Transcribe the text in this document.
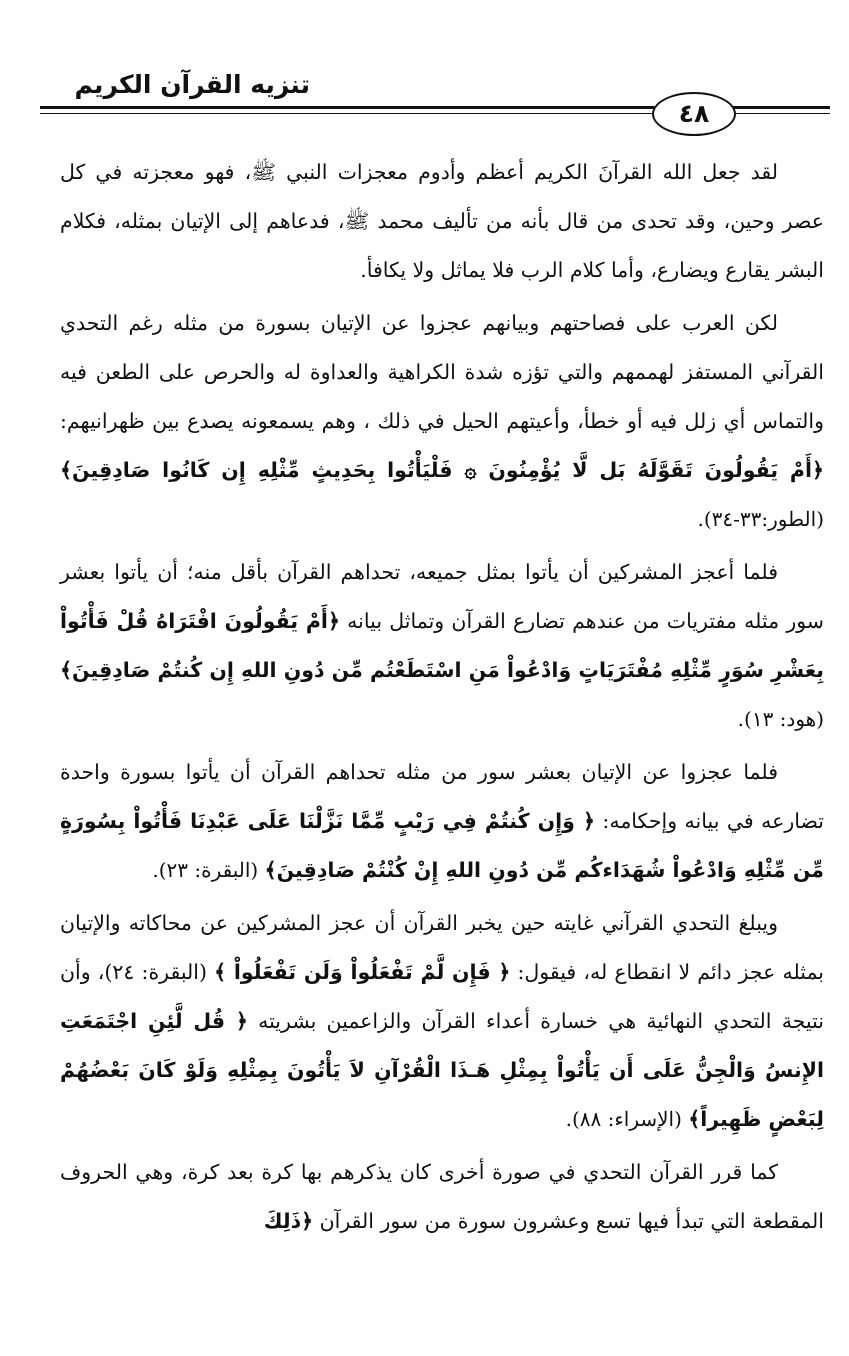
تنزيه القرآن الكريم
٤٨

لقد جعل الله القرآنَ الكريم أعظم وأدوم معجزات النبي ﷺ، فهو معجزته في كل عصر وحين، وقد تحدى من قال بأنه من تأليف محمد ﷺ، فدعاهم إلى الإتيان بمثله، فكلام البشر يقارع ويضارع، وأما كلام الرب فلا يماثل ولا يكافأ.

لكن العرب على فصاحتهم وبيانهم عجزوا عن الإتيان بسورة من مثله رغم التحدي القرآني المستفز لهممهم والتي تؤزه شدة الكراهية والعداوة له والحرص على الطعن فيه والتماس أي زلل فيه أو خطأ، وأعيتهم الحيل في ذلك ، وهم يسمعونه يصدع بين ظهرانيهم: ﴿أَمْ يَقُولُونَ تَقَوَّلَهُ بَل لَّا يُؤْمِنُونَ ۞ فَلْيَأْتُوا بِحَدِيثٍ مِّثْلِهِ إِن كَانُوا صَادِقِينَ﴾ (الطور:٣٣-٣٤).

فلما أعجز المشركين أن يأتوا بمثل جميعه، تحداهم القرآن بأقل منه؛ أن يأتوا بعشر سور مثله مفتريات من عندهم تضارع القرآن وتماثل بيانه ﴿أَمْ يَقُولُونَ افْتَرَاهُ قُلْ فَأْتُواْ بِعَشْرِ سُوَرٍ مِّثْلِهِ مُفْتَرَيَاتٍ وَادْعُواْ مَنِ اسْتَطَعْتُم مِّن دُونِ اللهِ إِن كُنتُمْ صَادِقِينَ﴾ (هود: ١٣).

فلما عجزوا عن الإتيان بعشر سور من مثله تحداهم القرآن أن يأتوا بسورة واحدة تضارعه في بيانه وإحكامه: ﴿ وَإِن كُنتُمْ فِي رَيْبٍ مِّمَّا نَزَّلْنَا عَلَى عَبْدِنَا فَأْتُواْ بِسُورَةٍ مِّن مِّثْلِهِ وَادْعُواْ شُهَدَاءكُم مِّن دُونِ اللهِ إِنْ كُنْتُمْ صَادِقِينَ﴾ (البقرة: ٢٣).

ويبلغ التحدي القرآني غايته حين يخبر القرآن أن عجز المشركين عن محاكاته والإتيان بمثله عجز دائم لا انقطاع له، فيقول: ﴿ فَإِن لَّمْ تَفْعَلُواْ وَلَن تَفْعَلُواْ ﴾ (البقرة: ٢٤)، وأن نتيجة التحدي النهائية هي خسارة أعداء القرآن والزاعمين بشريته ﴿ قُل لَّئِنِ اجْتَمَعَتِ الإِنسُ وَالْجِنُّ عَلَى أَن يَأْتُواْ بِمِثْلِ هَـذَا الْقُرْآنِ لاَ يَأْتُونَ بِمِثْلِهِ وَلَوْ كَانَ بَعْضُهُمْ لِبَعْضٍ ظَهِيراً﴾ (الإسراء: ٨٨).

كما قرر القرآن التحدي في صورة أخرى كان يذكرهم بها كرة بعد كرة، وهي الحروف المقطعة التي تبدأ فيها تسع وعشرون سورة من سور القرآن ﴿ذَلِكَ
